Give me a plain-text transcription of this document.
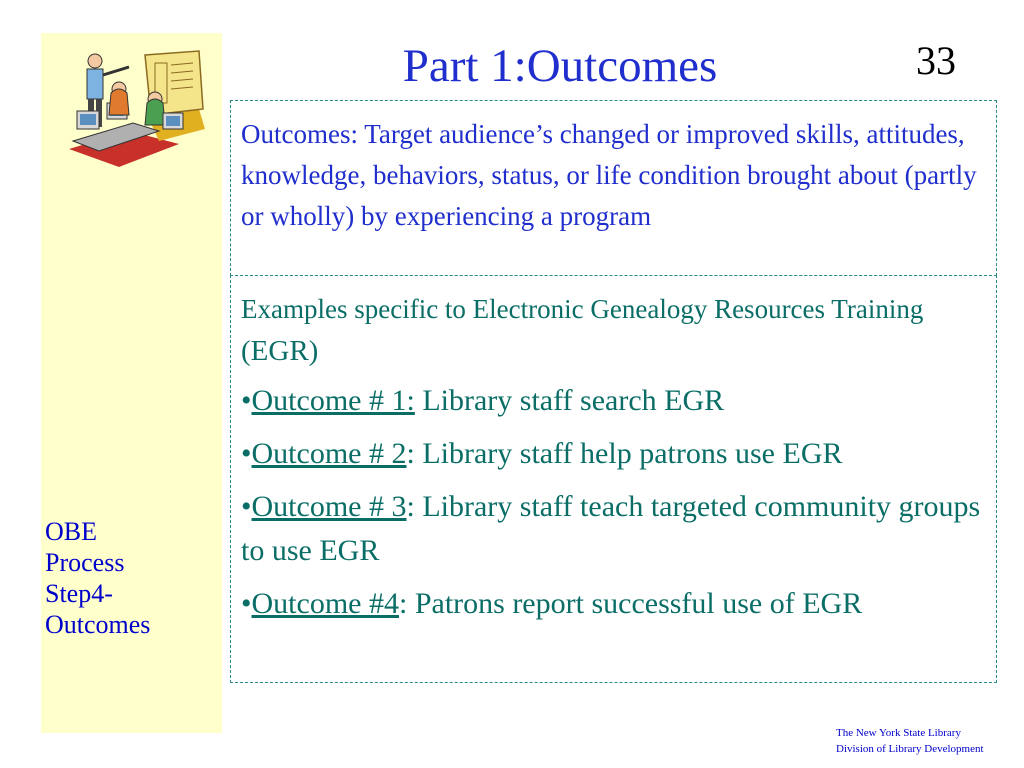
OBE
Process
Step4-
Outcomes
Part 1:Outcomes	33

Outcomes: Target audience’s changed or improved skills, attitudes, knowledge, behaviors, status, or life condition brought about (partly or wholly) by experiencing a program

Examples specific to Electronic Genealogy Resources Training (EGR)

•Outcome # 1: Library staff search EGR

•Outcome # 2: Library staff help patrons use EGR

•Outcome # 3: Library staff teach targeted community groups to use EGR

•Outcome #4: Patrons report successful use of EGR

The New York State Library
Division of Library Development
